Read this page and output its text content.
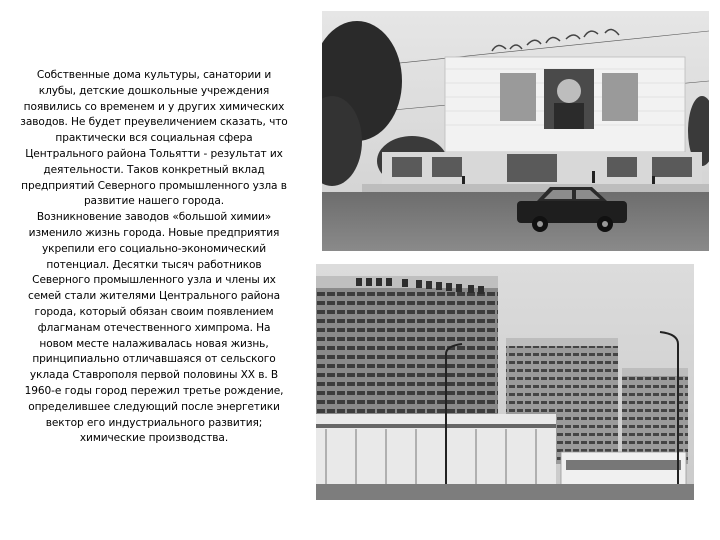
Собственные дома культуры, санатории и
клубы, детские дошкольные учреждения
появились со временем и у других химических
заводов. Не будет преувеличением сказать, что
практически вся социальная сфера
Центрального района Тольятти - результат их
деятельности. Таков конкретный вклад
предприятий Северного промышленного узла в
развитие нашего города.
Возникновение заводов «большой химии»
изменило жизнь города. Новые предприятия
укрепили его социально-экономический
потенциал. Десятки тысяч работников
Северного промышленного узла и члены их
семей стали жителями Центрального района
города, который обязан своим появлением
флагманам отечественного химпрома. На
новом месте налаживалась новая жизнь,
принципиально отличавшаяся от сельского
уклада Ставрополя первой половины XX в. В
1960-е годы город пережил третье рождение,
определившее следующий после энергетики
вектор его индустриального развития;
химические производства.
